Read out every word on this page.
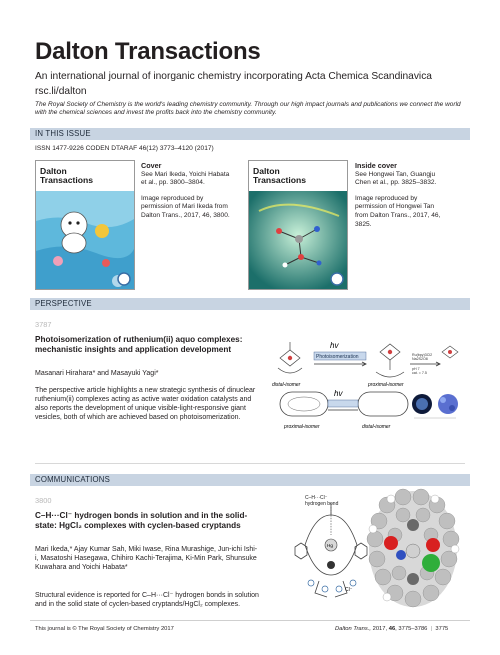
Dalton Transactions
An international journal of inorganic chemistry incorporating Acta Chemica Scandinavica
rsc.li/dalton
The Royal Society of Chemistry is the world's leading chemistry community. Through our high impact journals and publications we connect the world with the chemical sciences and invest the profits back into the chemistry community.
IN THIS ISSUE
ISSN 1477-9226 CODEN DTARAF 46(12) 3773–4120 (2017)
Dalton
Transactions

Cover

See Mari Ikeda, Yoichi Habata et al., pp. 3800–3804.

Image reproduced by permission of Mari Ikeda from Dalton Trans., 2017, 46, 3800.

Dalton
Transactions

Inside cover

See Hongwei Tan, Guangju Chen et al., pp. 3825–3832.

Image reproduced by permission of Hongwei Tan from Dalton Trans., 2017, 46, 3825.

PERSPECTIVE
3787
Photoisomerization of ruthenium(ii) aquo complexes: mechanistic insights and application development
Masanari Hirahara* and Masayuki Yagi*
The perspective article highlights a new strategic synthesis of dinuclear ruthenium(ii) complexes acting as active water oxidation catalysts and also reports the development of unique visible-light-responsive giant vesicles, both of which are achieved based on photoisomerization.
hv
Photoisomerization
distal-isomer	proximal-isomer
Ru(bpy)3Cl2
Na2S2O8
pH 7
cat. = 7.5
hv
proximal-isomer	distal-isomer
COMMUNICATIONS
3800
C–H···Cl⁻ hydrogen bonds in solution and in the solid-state: HgCl₂ complexes with cyclen-based cryptands
Mari Ikeda,* Ajay Kumar Sah, Miki Iwase, Rina Murashige, Jun-ichi Ishi-i, Masatoshi Hasegawa, Chihiro Kachi-Terajima, Ki-Min Park, Shunsuke Kuwahara and Yoichi Habata*
Structural evidence is reported for C–H···Cl⁻ hydrogen bonds in solution and in the solid state of cyclen-based cryptands/HgCl₂ complexes.
C–H···Cl⁻
hydrogen bond
Hg
Cl⁻
This journal is © The Royal Society of Chemistry 2017	Dalton Trans., 2017, 46, 3775–3786  |  3775
